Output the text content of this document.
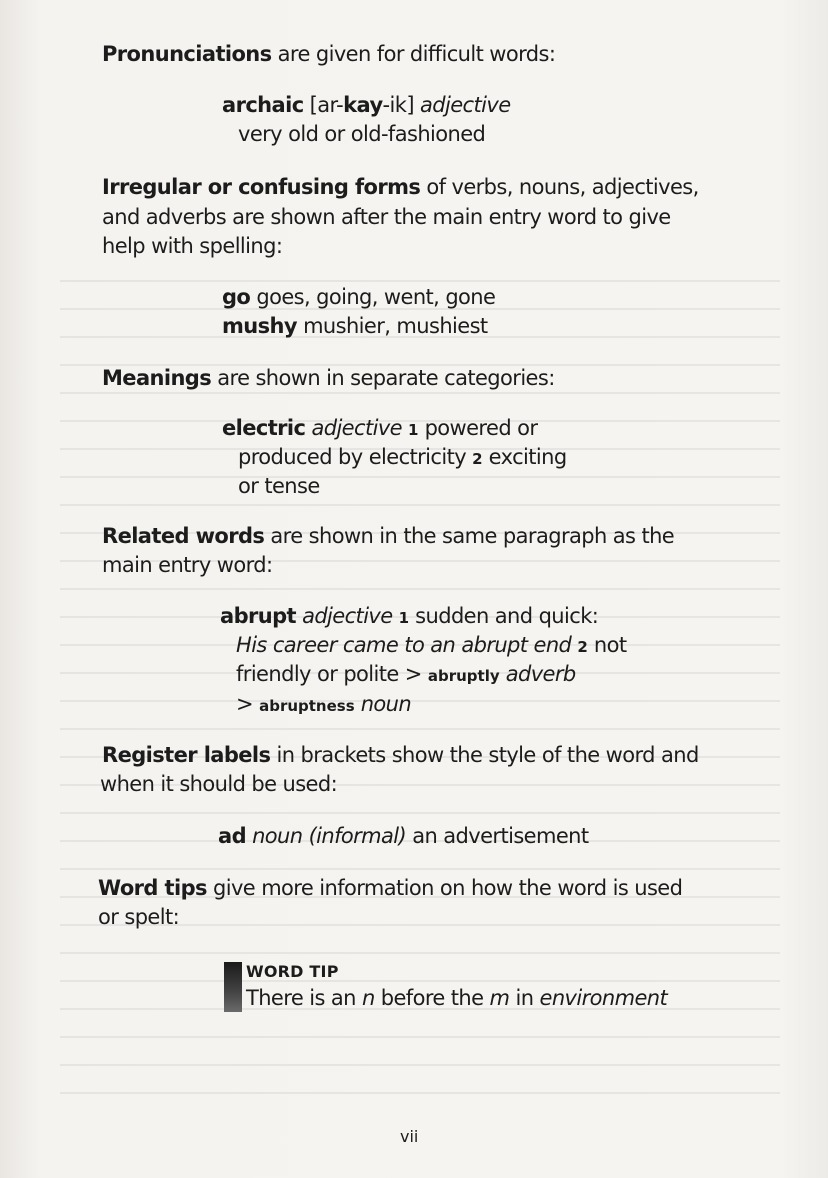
Pronunciations are given for difficult words:
archaic [ar-kay-ik] adjective
very old or old-fashioned
Irregular or confusing forms of verbs, nouns, adjectives,
and adverbs are shown after the main entry word to give
help with spelling:
go goes, going, went, gone
mushy mushier, mushiest
Meanings are shown in separate categories:
electric adjective 1 powered or
produced by electricity 2 exciting
or tense
Related words are shown in the same paragraph as the
main entry word:
abrupt adjective 1 sudden and quick:
His career came to an abrupt end 2 not
friendly or polite > abruptly adverb
> abruptness noun
Register labels in brackets show the style of the word and
when it should be used:
ad noun (informal) an advertisement
Word tips give more information on how the word is used
or spelt:
WORD TIP
There is an n before the m in environment
vii
